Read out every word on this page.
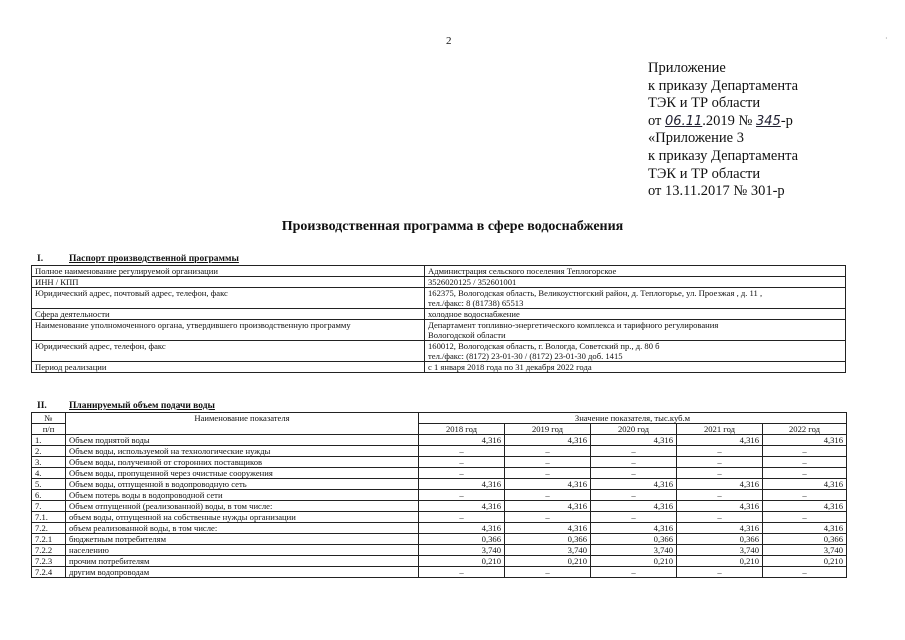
2	·
Приложение
к приказу Департамента
ТЭК и ТР области
от 06.11.2019 № 345-р
«Приложение 3
к приказу Департамента
ТЭК и ТР области
от 13.11.2017 № 301-р
Производственная программа в сфере водоснабжения
I.	Паспорт производственной программы
Полное наименование регулируемой организации	Администрация сельского поселения Теплогорское

ИНН / КПП	3526020125 / 352601001

Юридический адрес, почтовый адрес, телефон, факс	162375, Вологодская область, Великоустюгский район, д. Теплогорье, ул. Проезжая , д. 11 ,
тел./факс: 8 (81738) 65513

Сфера деятельности	холодное водоснабжение

Наименование уполномоченного органа, утвердившего производственную программу	Департамент топливно-энергетического комплекса и тарифного регулирования
Вологодской области

Юридический адрес, телефон, факс	160012, Вологодская область, г. Вологда, Советский пр., д. 80 б
тел./факс: (8172) 23-01-30 / (8172) 23-01-30 доб. 1415

Период реализации	с 1 января 2018 года по 31 декабря 2022 года
II. Планируемый объем подачи воды
№	Наименование показателя	Значение показателя, тыс.куб.м				
п/п		2018 год	2019 год	2020 год	2021 год	2022 год
1.	Объем поднятой воды	4,316	4,316	4,316	4,316	4,316
2.	Объем воды, используемой на технологические нужды	–	–	–	–	–
3.	Объем воды, полученной от сторонних поставщиков	–	–	–	–	–
4.	Объем воды, пропущенной через очистные сооружения	–	–	–	–	–
5.	Объем воды, отпущенной в водопроводную сеть	4,316	4,316	4,316	4,316	4,316
6.	Объем потерь воды в водопроводной сети	–	–	–	–	–
7.	Объем отпущенной (реализованной) воды, в том числе:	4,316	4,316	4,316	4,316	4,316
7.1.	объем воды, отпущенной на собственные нужды организации	–	–	–	–	–
7.2.	объем реализованной воды, в том числе:	4,316	4,316	4,316	4,316	4,316
7.2.1	бюджетным потребителям	0,366	0,366	0,366	0,366	0,366
7.2.2	населению	3,740	3,740	3,740	3,740	3,740
7.2.3	прочим потребителям	0,210	0,210	0,210	0,210	0,210
7.2.4	другим водопроводам	–	–	–	–	–
